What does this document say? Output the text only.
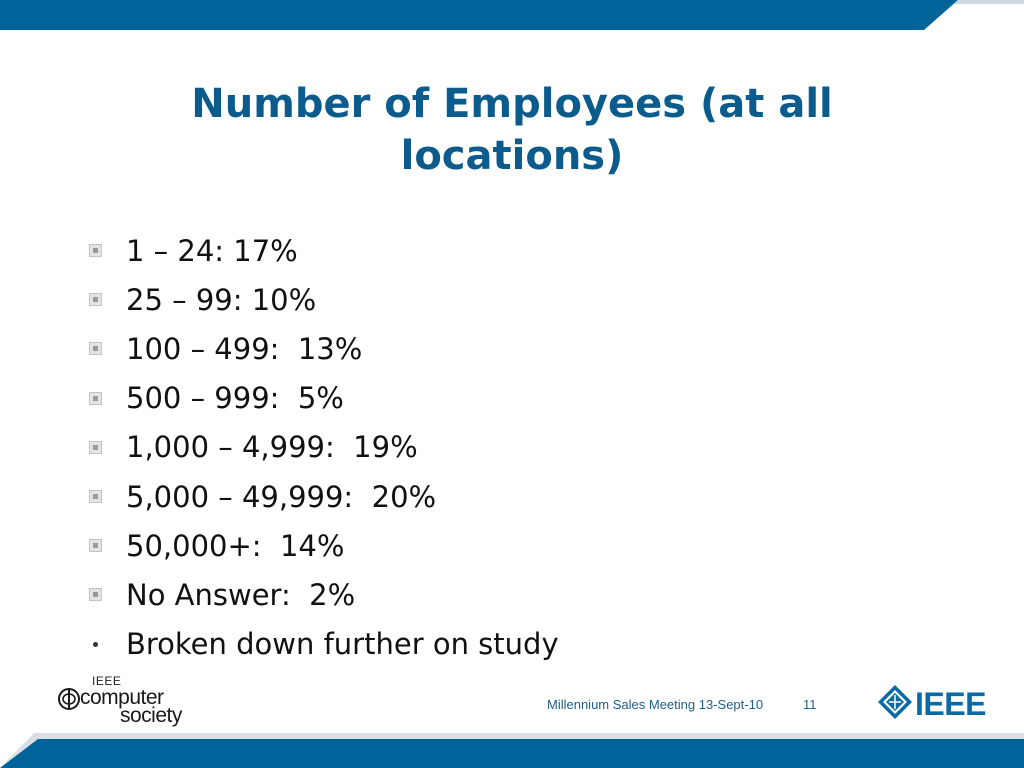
Number of Employees (at all locations)
1 – 24: 17%
25 – 99: 10%
100 – 499:  13%
500 – 999:  5%
1,000 – 4,999:  19%
5,000 – 49,999:  20%
50,000+:  14%
No Answer:  2%
Broken down further on study
IEEE
computer
society	Millennium Sales Meeting 13-Sept-10	11	IEEE
